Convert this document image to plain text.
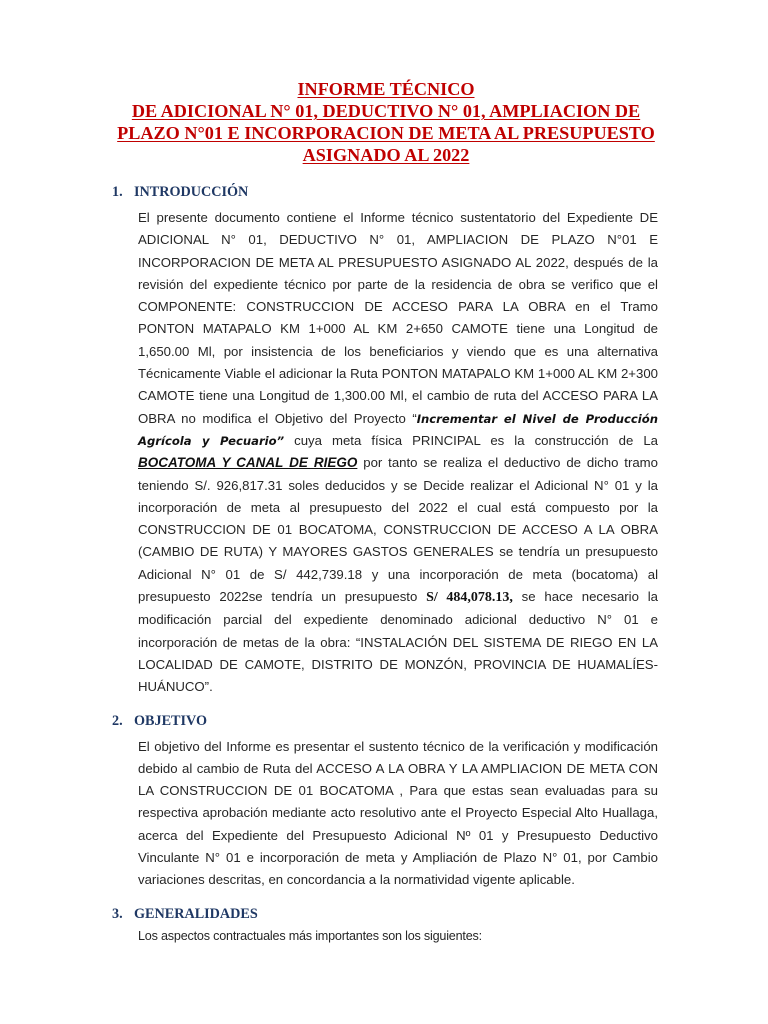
INFORME TÉCNICO
DE ADICIONAL N° 01, DEDUCTIVO N° 01, AMPLIACION DE
PLAZO N°01 E INCORPORACION DE META AL PRESUPUESTO
ASIGNADO AL 2022
1. INTRODUCCIÓN
El presente documento contiene el Informe técnico sustentatorio del Expediente DE ADICIONAL N° 01, DEDUCTIVO N° 01, AMPLIACION DE PLAZO N°01 E INCORPORACION DE META AL PRESUPUESTO ASIGNADO AL 2022, después de la revisión del expediente técnico por parte de la residencia de obra se verifico que el COMPONENTE: CONSTRUCCION DE ACCESO PARA LA OBRA en el Tramo PONTON MATAPALO KM 1+000 AL KM 2+650 CAMOTE tiene una Longitud de 1,650.00 Ml, por insistencia de los beneficiarios y viendo que es una alternativa Técnicamente Viable el adicionar la Ruta PONTON MATAPALO KM 1+000 AL KM 2+300 CAMOTE tiene una Longitud de 1,300.00 Ml, el cambio de ruta del ACCESO PARA LA OBRA no modifica el Objetivo del Proyecto “Incrementar el Nivel de Producción Agrícola y Pecuario” cuya meta física PRINCIPAL es la construcción de La BOCATOMA Y CANAL DE RIEGO por tanto se realiza el deductivo de dicho tramo teniendo S/. 926,817.31 soles deducidos y se Decide realizar el Adicional N° 01 y la incorporación de meta al presupuesto del 2022 el cual está compuesto por la CONSTRUCCION DE 01 BOCATOMA, CONSTRUCCION DE ACCESO A LA OBRA (CAMBIO DE RUTA) Y MAYORES GASTOS GENERALES se tendría un presupuesto Adicional N° 01 de S/ 442,739.18 y una incorporación de meta (bocatoma) al presupuesto 2022se tendría un presupuesto S/ 484,078.13, se hace necesario la modificación parcial del expediente denominado adicional deductivo N° 01 e incorporación de metas de la obra: “INSTALACIÓN DEL SISTEMA DE RIEGO EN LA LOCALIDAD DE CAMOTE, DISTRITO DE MONZÓN, PROVINCIA DE HUAMALÍES-HUÁNUCO”.
2. OBJETIVO
El objetivo del Informe es presentar el sustento técnico de la verificación y modificación debido al cambio de Ruta del ACCESO A LA OBRA Y LA AMPLIACION DE META CON LA CONSTRUCCION DE 01 BOCATOMA , Para que estas sean evaluadas para su respectiva aprobación mediante acto resolutivo ante el Proyecto Especial Alto Huallaga, acerca del Expediente del Presupuesto Adicional Nº 01 y Presupuesto Deductivo Vinculante N° 01 e incorporación de meta y Ampliación de Plazo N° 01, por Cambio variaciones descritas, en concordancia a la normatividad vigente aplicable.
3. GENERALIDADES
Los aspectos contractuales más importantes son los siguientes:
